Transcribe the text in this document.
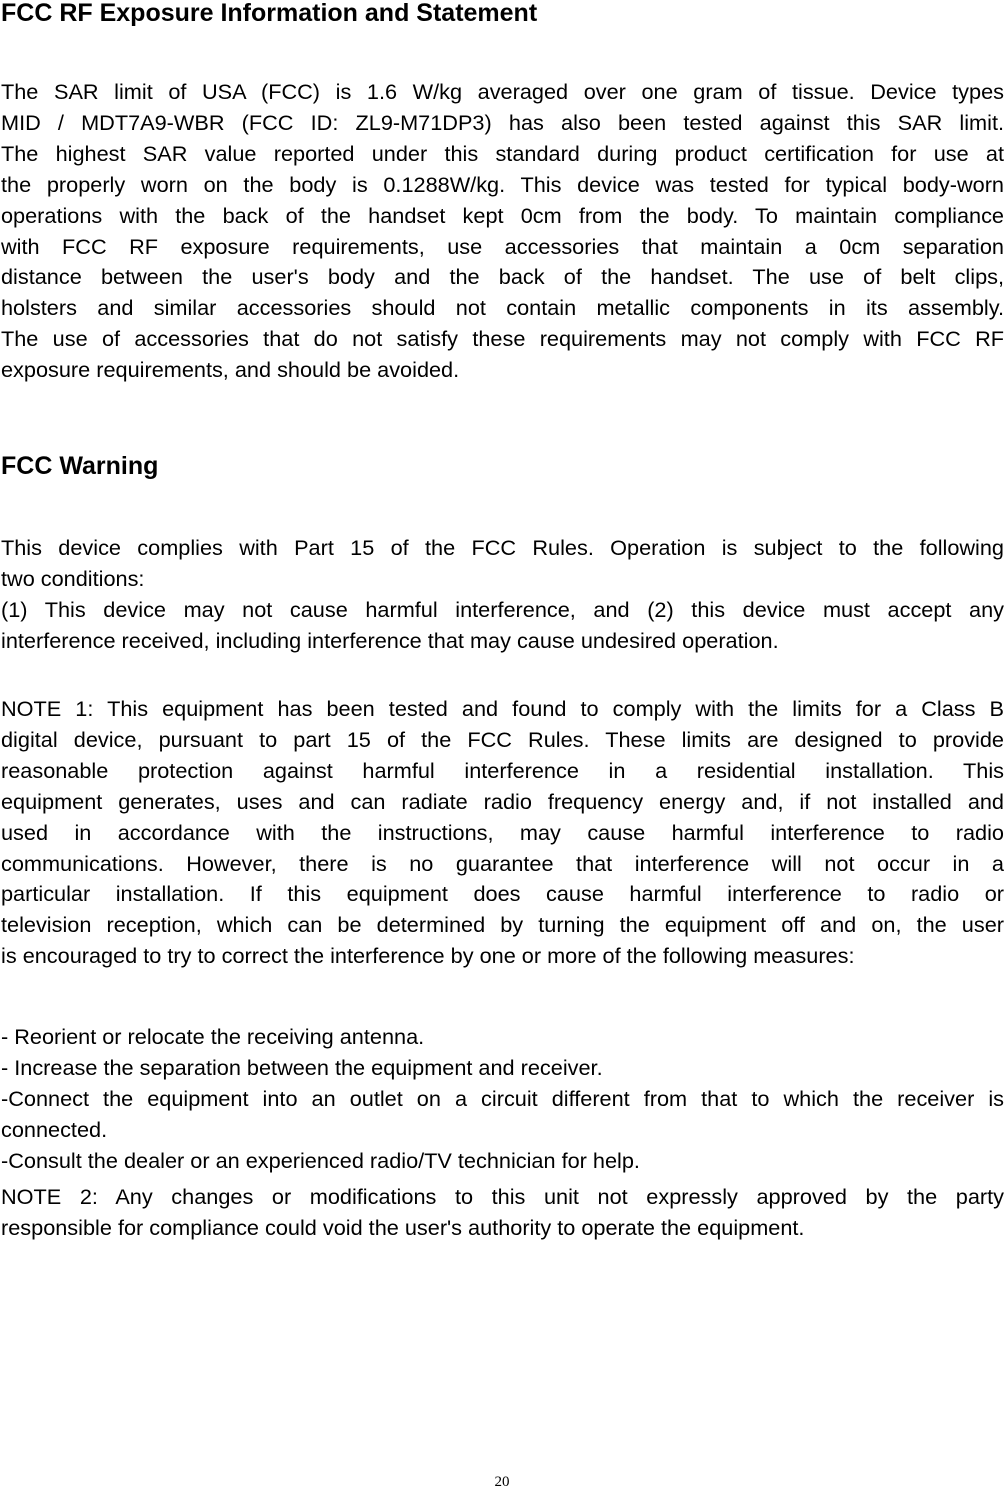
FCC RF Exposure Information and Statement

The SAR limit of USA (FCC) is 1.6 W/kg averaged over one gram of tissue. Device types
MID / MDT7A9-WBR (FCC ID: ZL9-M71DP3) has also been tested against this SAR limit.
The highest SAR value reported under this standard during product certification for use at
the properly worn on the body is 0.1288W/kg. This device was tested for typical body-worn
operations with the back of the handset kept 0cm from the body. To maintain compliance
with FCC RF exposure requirements, use accessories that maintain a 0cm separation
distance between the user's body and the back of the handset. The use of belt clips,
holsters and similar accessories should not contain metallic components in its assembly.
The use of accessories that do not satisfy these requirements may not comply with FCC RF
exposure requirements, and should be avoided.

FCC Warning

This device complies with Part 15 of the FCC Rules. Operation is subject to the following
two conditions:
(1) This device may not cause harmful interference, and (2) this device must accept any
interference received, including interference that may cause undesired operation.

NOTE 1: This equipment has been tested and found to comply with the limits for a Class B
digital device, pursuant to part 15 of the FCC Rules. These limits are designed to provide
reasonable protection against harmful interference in a residential installation. This
equipment generates, uses and can radiate radio frequency energy and, if not installed and
used in accordance with the instructions, may cause harmful interference to radio
communications. However, there is no guarantee that interference will not occur in a
particular installation. If this equipment does cause harmful interference to radio or
television reception, which can be determined by turning the equipment off and on, the user
is encouraged to try to correct the interference by one or more of the following measures:

- Reorient or relocate the receiving antenna.
- Increase the separation between the equipment and receiver.
-Connect the equipment into an outlet on a circuit different from that to which the receiver is
connected.
-Consult the dealer or an experienced radio/TV technician for help.

NOTE 2: Any changes or modifications to this unit not expressly approved by the party
responsible for compliance could void the user's authority to operate the equipment.

20
